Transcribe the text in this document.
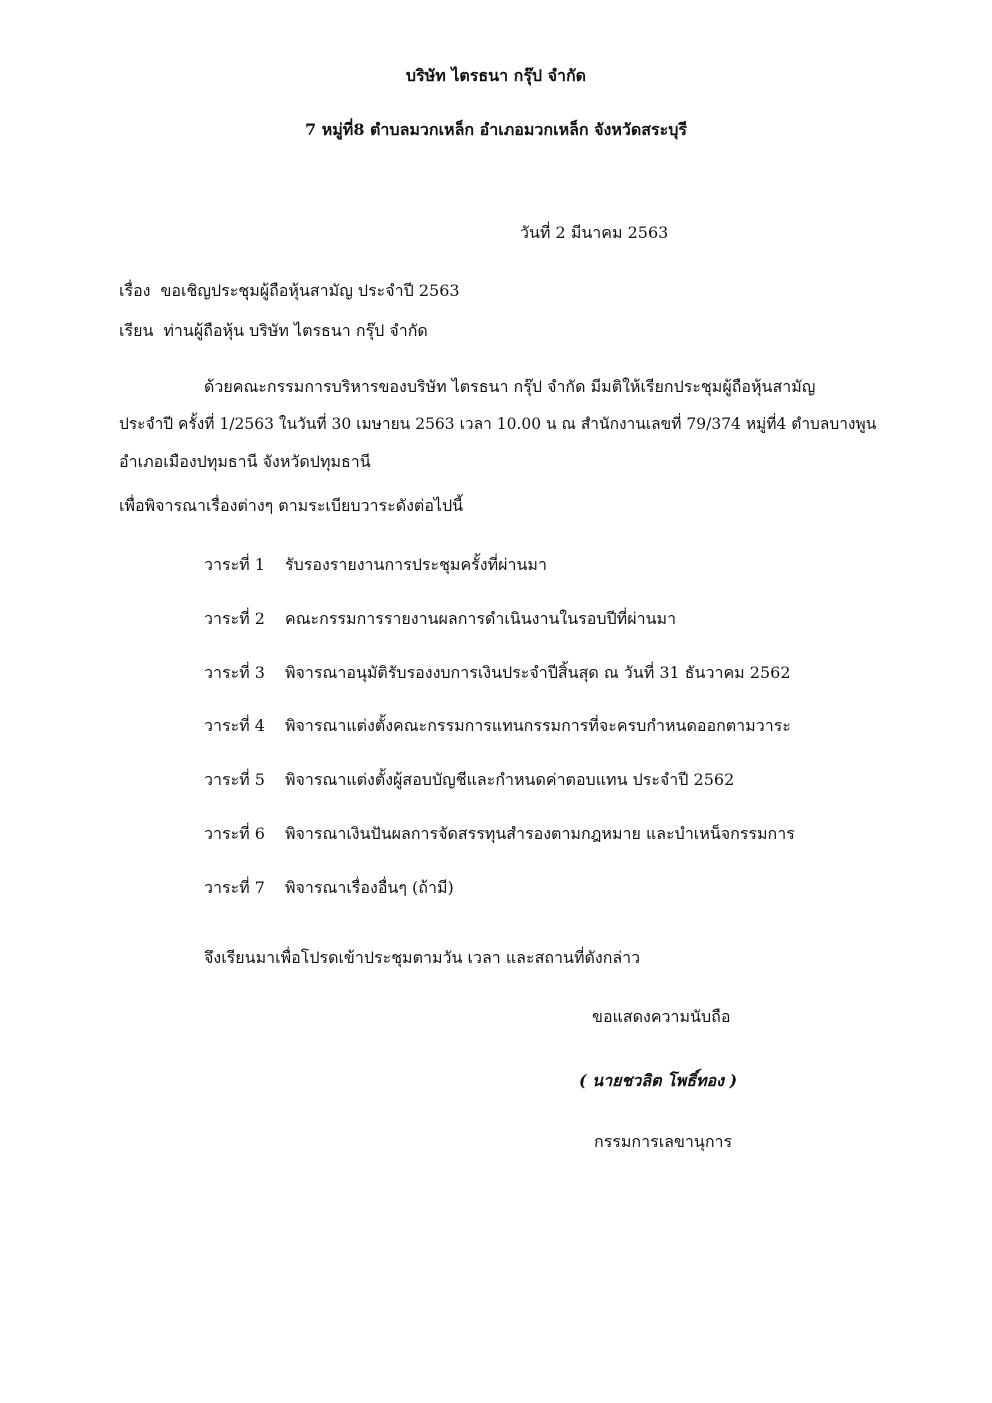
บริษัท ไตรธนา กรุ๊ป จำกัด
7 หมู่ที่8 ตำบลมวกเหล็ก อำเภอมวกเหล็ก จังหวัดสระบุรี
วันที่ 2 มีนาคม 2563
เรื่อง ขอเชิญประชุมผู้ถือหุ้นสามัญ ประจำปี 2563
เรียน ท่านผู้ถือหุ้น บริษัท ไตรธนา กรุ๊ป จำกัด
ด้วยคณะกรรมการบริหารของบริษัท ไตรธนา กรุ๊ป จำกัด มีมติให้เรียกประชุมผู้ถือหุ้นสามัญ
ประจำปี ครั้งที่ 1/2563 ในวันที่ 30 เมษายน 2563 เวลา 10.00 น ณ สำนักงานเลขที่ 79/374 หมู่ที่4 ตำบลบางพูน
อำเภอเมืองปทุมธานี จังหวัดปทุมธานี
เพื่อพิจารณาเรื่องต่างๆ ตามระเบียบวาระดังต่อไปนี้
วาระที่ 1 รับรองรายงานการประชุมครั้งที่ผ่านมา
วาระที่ 2 คณะกรรมการรายงานผลการดำเนินงานในรอบปีที่ผ่านมา
วาระที่ 3 พิจารณาอนุมัติรับรองงบการเงินประจำปีสิ้นสุด ณ วันที่ 31 ธันวาคม 2562
วาระที่ 4 พิจารณาแต่งตั้งคณะกรรมการแทนกรรมการที่จะครบกำหนดออกตามวาระ
วาระที่ 5 พิจารณาแต่งตั้งผู้สอบบัญชีและกำหนดค่าตอบแทน ประจำปี 2562
วาระที่ 6 พิจารณาเงินปันผลการจัดสรรทุนสำรองตามกฎหมาย และบำเหน็จกรรมการ
วาระที่ 7 พิจารณาเรื่องอื่นๆ (ถ้ามี)
จึงเรียนมาเพื่อโปรดเข้าประชุมตามวัน เวลา และสถานที่ดังกล่าว
ขอแสดงความนับถือ
( นายชวลิต โพธิ์ทอง )
กรรมการเลขานุการ
